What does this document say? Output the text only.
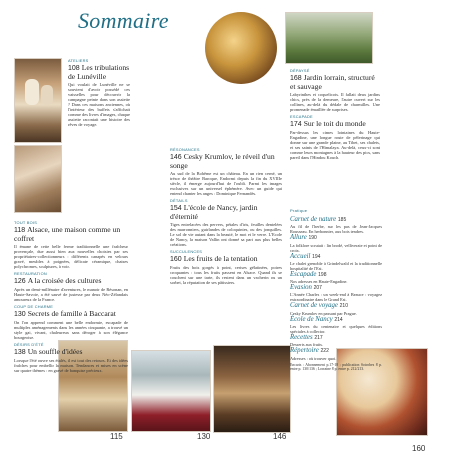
Sommaire
115	130	146
160
ATELIERS
108 Les tribulations de Lunéville
Qui voulait de Lunéville ne se souvient d'avoir possédé ces vaisselles pour découvrir la campagne peinte dans son assiette ? Dans ces maisons anciennes, où l'intérieur des buffets s'affichait comme des livres d'images, chaque assiette racontait une histoire des rêves de voyage.
TOUT BOIS
118 Alsace, une maison comme un coffret
Il émane de cette belle ferme traditionnelle une fraîcheur provençale, due aussi bien aux nouvelles choisies par ses propriétaires-collectionneurs : différents canapés en velours gravé, meubles à poignées, délicate céramique, chaises polychromes, sculptures, à voir.
RESTAURATION
126 A la croisée des cultures
Après un demi-millénaire d'aventures, le manoir de Résonan, en Haute-Savoie, a été sauvé de justesse par deux Néo-Zélandais amoureux de la France.
COUP DE CHARME
130 Secrets de famille à Baccarat
On l'on apprend comment une belle endormie, escapade de multiples aménagements dans les années cinquante, a trouvé un style gai, vivant, chaleureux sans déroger à son élégance bourgeoise.
DÉSIRS D'ÉTÉ
138 Un souffle d'idées
Lorsque l'été ouvre ses étalés, il est tout des retours. Et des idées fraîches pour embellir la maison. Tendances et mises en scène sur quatre thèmes : en gravé de banquise précieux.
RÉSONANCES
146 Cesky Krumlov, le réveil d'un songe
Au sud de la Bohême est un château. En un rien cerné, un trésor de théâtre Baroque, Endormi depuis la fin du XVIIIe siècle, il émerge aujourd'hui de l'oubli. Parmi les images exclusives sur un universel éphémère. Avec un guide qui entend chanter les anges : Dominique Fernandès.
DÉTAILS
154 L'école de Nancy, jardin d'éternité
Tiges entrelacées des pervers, pétales d'iris, feuilles dentelées des marronniers, guirlandes de coloquintes, ou des jonquilles. Le sol de vie autant dans la beauté, le mot et le verre. L'Ecole de Nancy, la maison Vallin ont donné sa part aux plus belles créations.
SUCCULENCES
160 Les fruits de la tentation
Fruits des bois gorgés à point, cerises gélatinées, poires croquantes : tous les fruits passent en Alsace. Quand ils se couchent sur une tarte, ils restent dans un vacherin ou un sorbet, la réputation de ses pâtissiers.
DÉPAYSÉ
168 Jardin lorrain, structuré et sauvage
Labyrinthes et coquelicots. Il fallait deux jardins chics, près de la demeure, l'autre ouvert sur les collines, au-delà du dédale de charmilles. Une promenade émaillée de surprises.
ESCAPADE
174 Sur le toit du monde
Par-dessus les cimes lointaines du Haute-Engadine, une longue route de pèlerinage qui donne sur une grande plaine, au Tibet, ses chalets, et ses saints de l'Himalaya. Au-delà, ceux-ci sont comme leurs montagnes à la hauteur des pics, sans pareil dans l'Hindou Kouch.
Pratique
Carnet de nature 185
Au fil de l'herbe, sur les pas de Jean-Jacques Rousseau. En herbonnier, aux bois tendres.
Allure 190
La folklore scrutait : lin brodé, velliveraie et point de croix.
Accueil 194
Le chalet grenoble à Grindelwald et la traditionnelle hospitalité de l'Est.
Escapade 198
Nos adresses en Haute-Engadine.
Evasion 207
L'Année Charles : un week-end à Beauce : voyagez extraordinaire dans le Grand Est.
Carnet de voyage 210
Cesky Krumlov en passant par Prague.
École de Nancy 214
Les livres du centenaire et quelques éditions spéciales à collector.
Recettes 217
Desserts aux fruits.
Répertoire 222
Adresses : où trouver quoi.
Encarts : Abonnement p.17-18 ; publication Sotrobes 8 p. entre p. 130/136 ; Lorraine 8 p. entre p. 212/213.
